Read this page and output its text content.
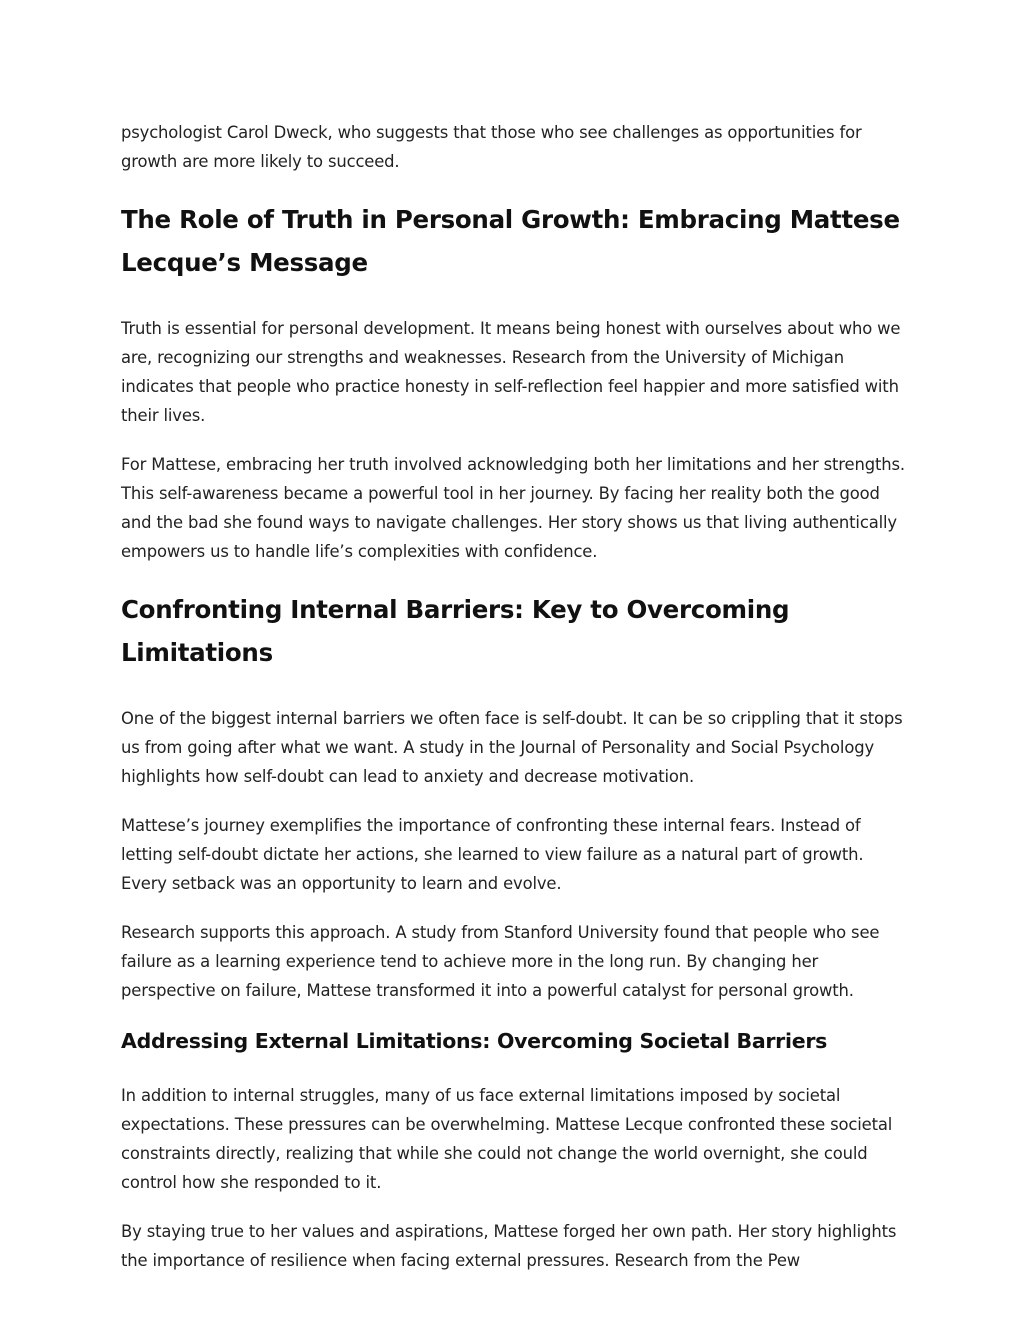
psychologist Carol Dweck, who suggests that those who see challenges as opportunities for growth are more likely to succeed.

The Role of Truth in Personal Growth: Embracing Mattese Lecque’s Message

Truth is essential for personal development. It means being honest with ourselves about who we are, recognizing our strengths and weaknesses. Research from the University of Michigan indicates that people who practice honesty in self-reflection feel happier and more satisfied with their lives.

For Mattese, embracing her truth involved acknowledging both her limitations and her strengths. This self-awareness became a powerful tool in her journey. By facing her reality both the good and the bad she found ways to navigate challenges. Her story shows us that living authentically empowers us to handle life’s complexities with confidence.

Confronting Internal Barriers: Key to Overcoming Limitations

One of the biggest internal barriers we often face is self-doubt. It can be so crippling that it stops us from going after what we want. A study in the Journal of Personality and Social Psychology highlights how self-doubt can lead to anxiety and decrease motivation.

Mattese’s journey exemplifies the importance of confronting these internal fears. Instead of letting self-doubt dictate her actions, she learned to view failure as a natural part of growth. Every setback was an opportunity to learn and evolve.

Research supports this approach. A study from Stanford University found that people who see failure as a learning experience tend to achieve more in the long run. By changing her perspective on failure, Mattese transformed it into a powerful catalyst for personal growth.

Addressing External Limitations: Overcoming Societal Barriers

In addition to internal struggles, many of us face external limitations imposed by societal expectations. These pressures can be overwhelming. Mattese Lecque confronted these societal constraints directly, realizing that while she could not change the world overnight, she could control how she responded to it.

By staying true to her values and aspirations, Mattese forged her own path. Her story highlights the importance of resilience when facing external pressures. Research from the Pew
